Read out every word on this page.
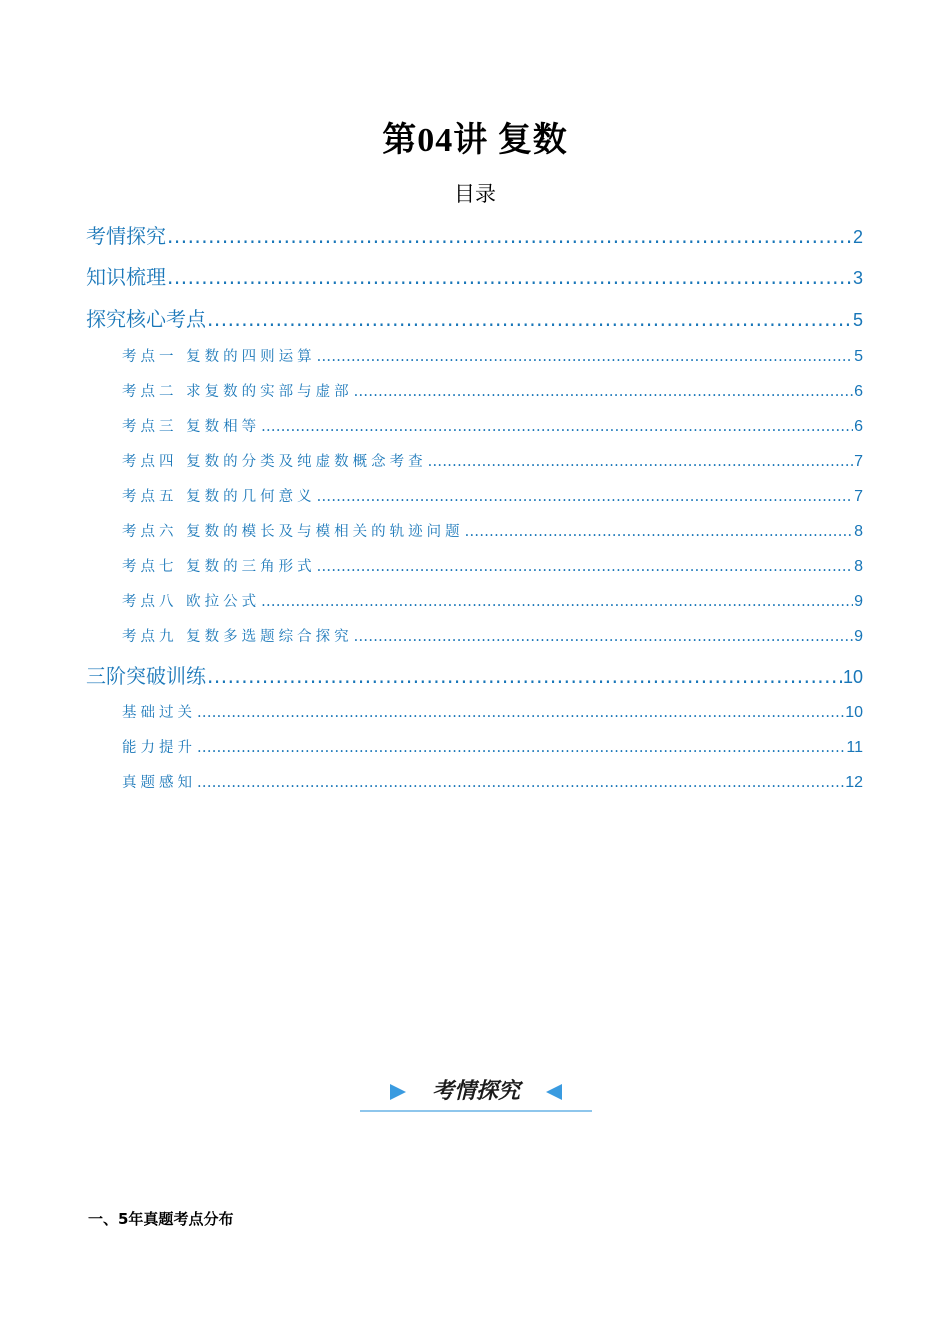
第04讲 复数
目录
考情探究 .....	2
知识梳理 .....	3
探究核心考点 .....	5
考点一 复数的四则运算 .....	5
考点二 求复数的实部与虚部 .....	6
考点三 复数相等 .....	6
考点四 复数的分类及纯虚数概念考查 .....	7
考点五 复数的几何意义 .....	7
考点六 复数的模长及与模相关的轨迹问题 .....	8
考点七 复数的三角形式 .....	8
考点八 欧拉公式 .....	9
考点九 复数多选题综合探究 .....	9
三阶突破训练 .....	10
基础过关 .....	10
能力提升 .....	11
真题感知 .....	12
考情探究
一、5年真题考点分布
